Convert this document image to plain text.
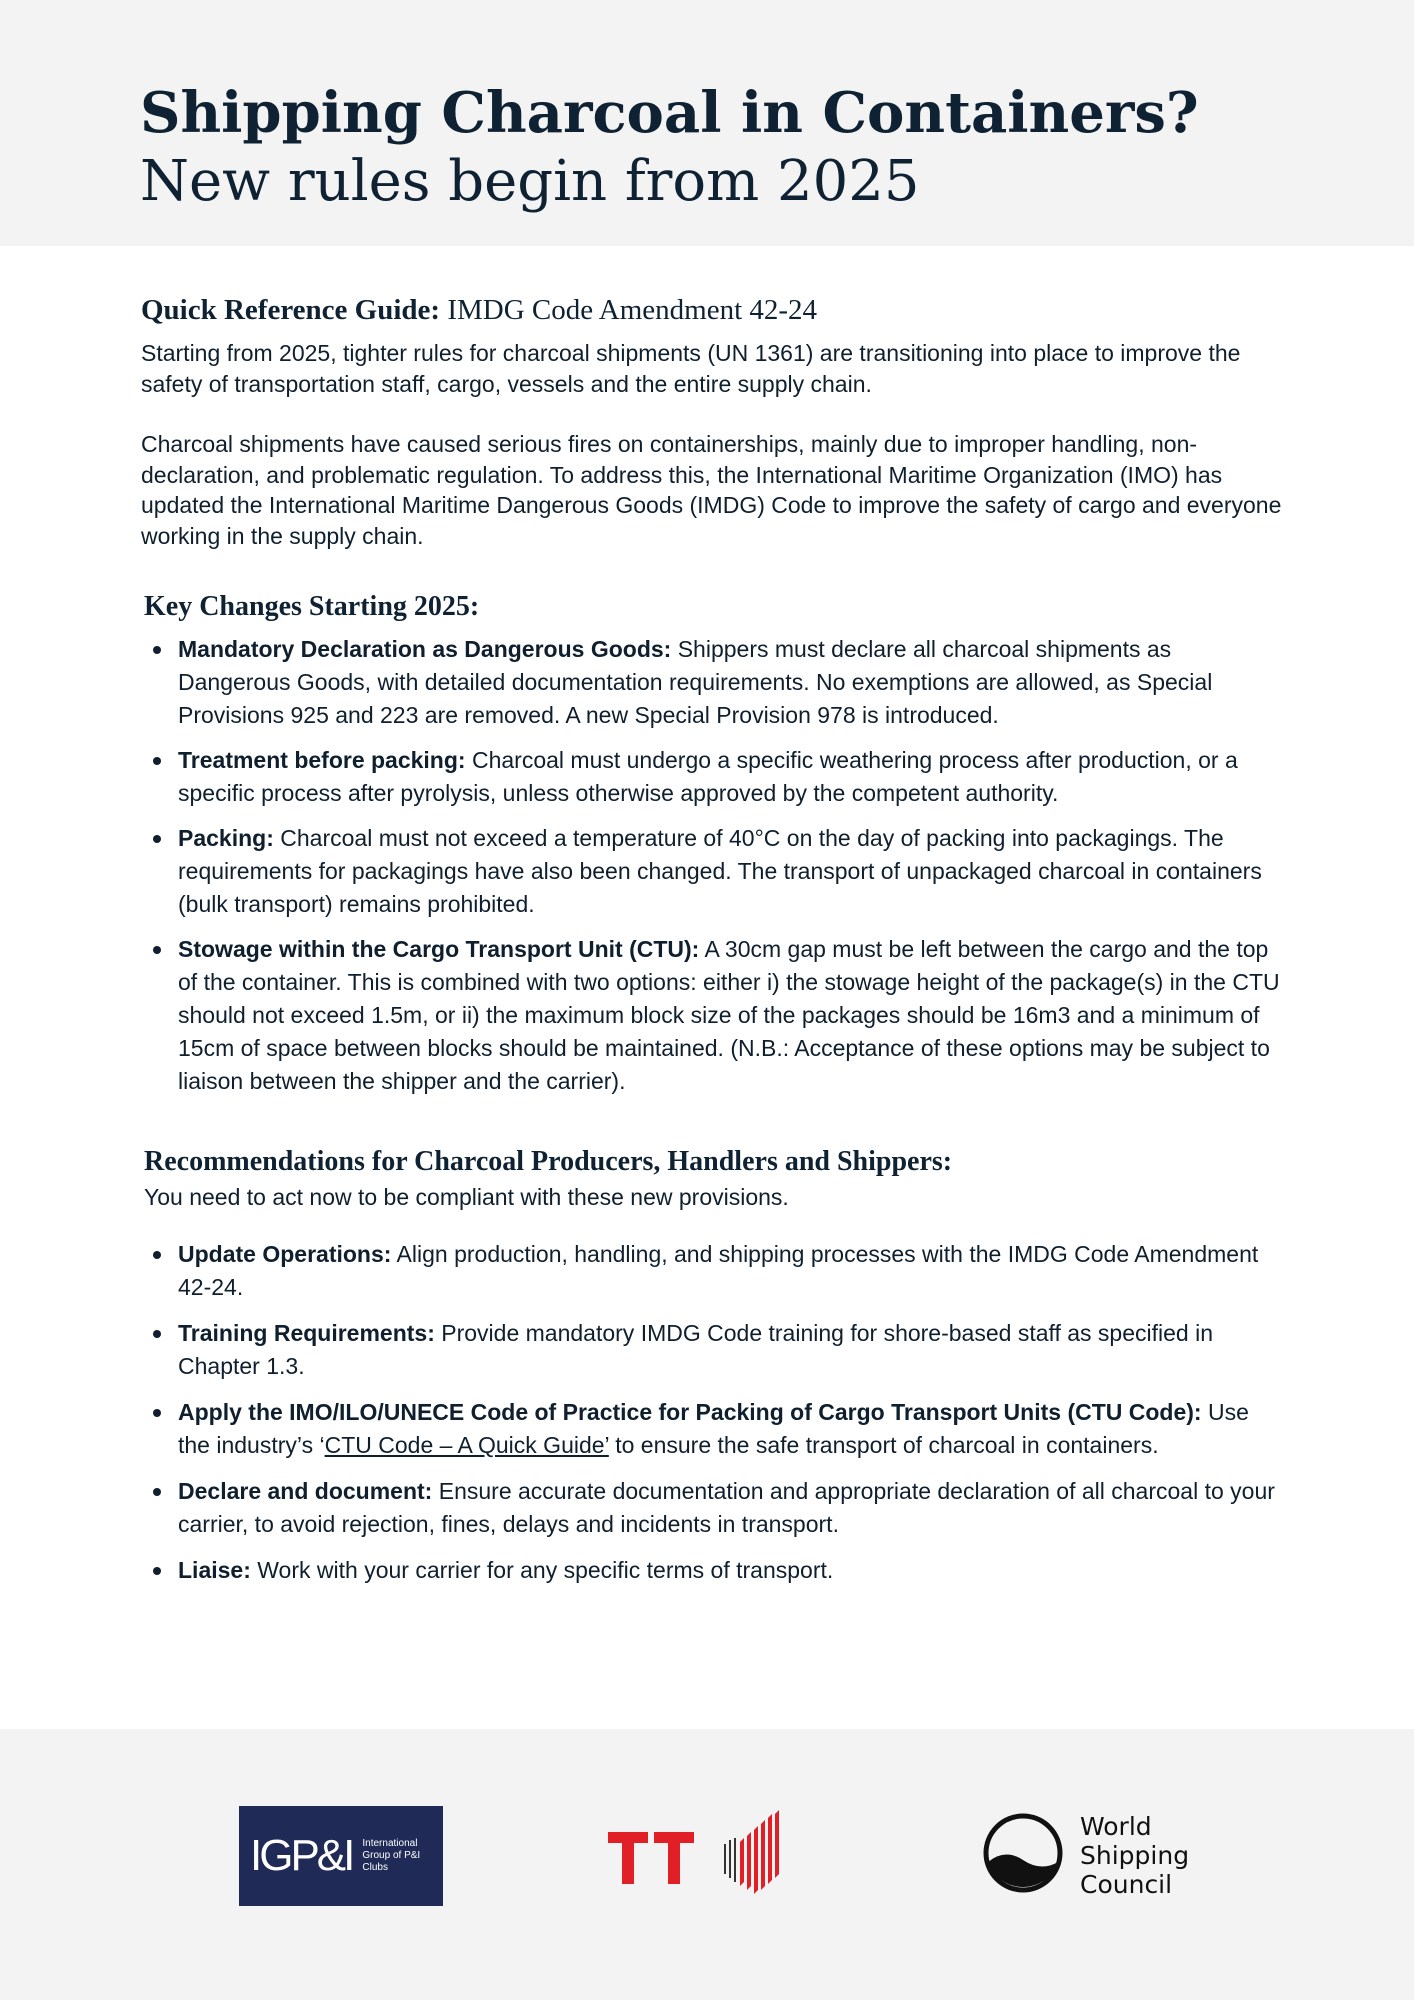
Shipping Charcoal in Containers?
New rules begin from 2025
Quick Reference Guide: IMDG Code Amendment 42-24

Starting from 2025, tighter rules for charcoal shipments (UN 1361) are transitioning into place to improve the safety of transportation staff, cargo, vessels and the entire supply chain.

Charcoal shipments have caused serious fires on containerships, mainly due to improper handling, non-declaration, and problematic regulation. To address this, the International Maritime Organization (IMO) has updated the International Maritime Dangerous Goods (IMDG) Code to improve the safety of cargo and everyone working in the supply chain.

Key Changes Starting 2025:
Mandatory Declaration as Dangerous Goods: Shippers must declare all charcoal shipments as Dangerous Goods, with detailed documentation requirements. No exemptions are allowed, as Special Provisions 925 and 223 are removed. A new Special Provision 978 is introduced.
Treatment before packing: Charcoal must undergo a specific weathering process after production, or a specific process after pyrolysis, unless otherwise approved by the competent authority.
Packing: Charcoal must not exceed a temperature of 40°C on the day of packing into packagings. The requirements for packagings have also been changed. The transport of unpackaged charcoal in containers (bulk transport) remains prohibited.
Stowage within the Cargo Transport Unit (CTU): A 30cm gap must be left between the cargo and the top of the container. This is combined with two options: either i) the stowage height of the package(s) in the CTU should not exceed 1.5m, or ii) the maximum block size of the packages should be 16m3 and a minimum of 15cm of space between blocks should be maintained. (N.B.: Acceptance of these options may be subject to liaison between the shipper and the carrier).
Recommendations for Charcoal Producers, Handlers and Shippers:

You need to act now to be compliant with these new provisions.

Update Operations: Align production, handling, and shipping processes with the IMDG Code Amendment 42-24.
Training Requirements: Provide mandatory IMDG Code training for shore-based staff as specified in Chapter 1.3.
Apply the IMO/ILO/UNECE Code of Practice for Packing of Cargo Transport Units (CTU Code): Use the industry’s ‘CTU Code – A Quick Guide’ to ensure the safe transport of charcoal in containers.
Declare and document: Ensure accurate documentation and appropriate declaration of all charcoal to your carrier, to avoid rejection, fines, delays and incidents in transport.
Liaise: Work with your carrier for any specific terms of transport.
IGP&I International Group of P&I Clubs
World
Shipping
Council
